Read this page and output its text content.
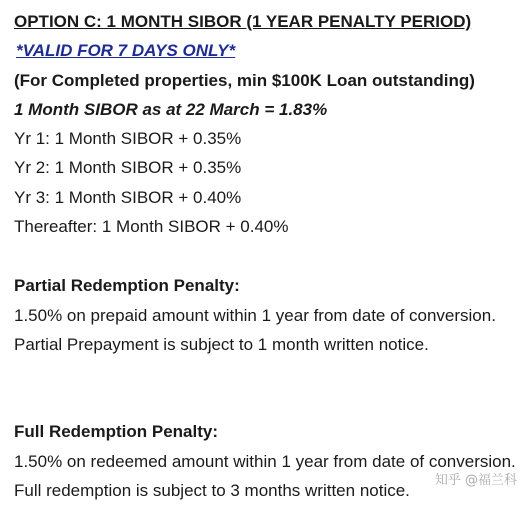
OPTION C: 1 MONTH SIBOR (1 YEAR PENALTY PERIOD)
*VALID FOR 7 DAYS ONLY*
(For Completed properties, min $100K Loan outstanding)
1 Month SIBOR as at 22 March = 1.83%
Yr 1: 1 Month SIBOR + 0.35%
Yr 2: 1 Month SIBOR + 0.35%
Yr 3: 1 Month SIBOR + 0.40%
Thereafter: 1 Month SIBOR + 0.40%
Partial Redemption Penalty:
1.50% on prepaid amount within 1 year from date of conversion.
Partial Prepayment is subject to 1 month written notice.
Full Redemption Penalty:
1.50% on redeemed amount within 1 year from date of conversion.
Full redemption is subject to 3 months written notice.
知乎 @福兰科
